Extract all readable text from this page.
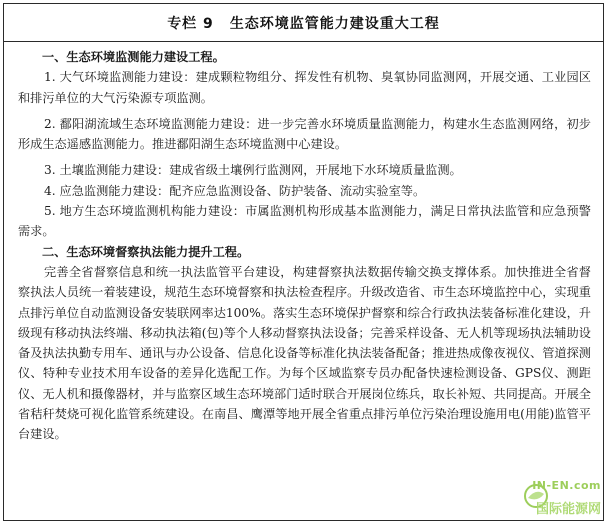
专栏 9 生态环境监管能力建设重大工程

一、生态环境监测能力建设工程。

1. 大气环境监测能力建设：建成颗粒物组分、挥发性有机物、臭氧协同监测网，开展交通、工业园区和排污单位的大气污染源专项监测。

2. 鄱阳湖流域生态环境监测能力建设：进一步完善水环境质量监测能力，构建水生态监测网络，初步形成生态遥感监测能力。推进鄱阳湖生态环境监测中心建设。

3. 土壤监测能力建设：建成省级土壤例行监测网，开展地下水环境质量监测。

4. 应急监测能力建设：配齐应急监测设备、防护装备、流动实验室等。

5. 地方生态环境监测机构能力建设：市属监测机构形成基本监测能力，满足日常执法监管和应急预警需求。

二、生态环境督察执法能力提升工程。

完善全省督察信息和统一执法监管平台建设，构建督察执法数据传输交换支撑体系。加快推进全省督察执法人员统一着装建设，规范生态环境督察和执法检查程序。升级改造省、市生态环境监控中心，实现重点排污单位自动监测设备安装联网率达100%。落实生态环境保护督察和综合行政执法装备标准化建设，升级现有移动执法终端、移动执法箱(包)等个人移动督察执法设备；完善采样设备、无人机等现场执法辅助设备及执法执勤专用车、通讯与办公设备、信息化设备等标准化执法装备配备；推进热成像夜视仪、管道探测仪、特种专业技术用车设备的差异化选配工作。为每个区域监察专员办配备快速检测设备、GPS仪、测距仪、无人机和摄像器材，并与监察区域生态环境部门适时联合开展岗位练兵，取长补短、共同提高。开展全省秸秆焚烧可视化监管系统建设。在南昌、鹰潭等地开展全省重点排污单位污染治理设施用电(用能)监管平台建设。

IN-EN.com
国际能源网
